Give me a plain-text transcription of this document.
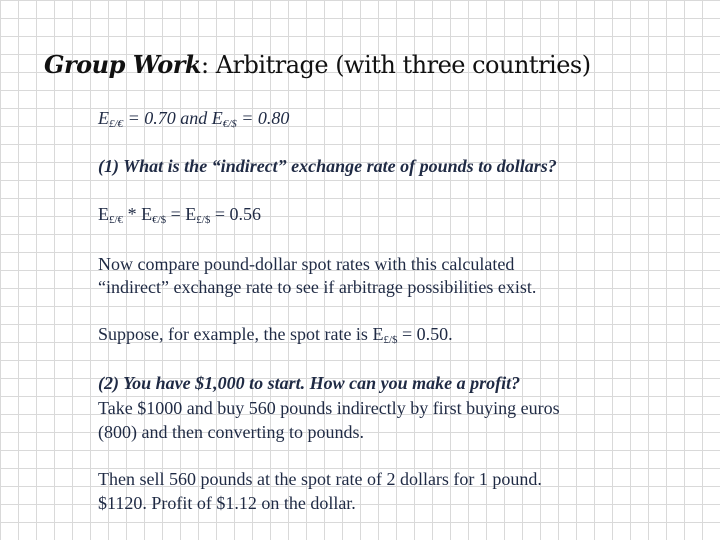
Group Work: Arbitrage (with three countries)

$E_{£/€} = 0.70$ and $E_{€/\$} = 0.80$

(1) What is the “indirect” exchange rate of pounds to dollars?

$E_{£/€} * E_{€/\$} = E_{£/\$} = 0.56$

Now compare pound-dollar spot rates with this calculated

“indirect” exchange rate to see if arbitrage possibilities exist.

Suppose, for example, the spot rate is $E_{£/\$} = 0.50$.

(2) You have $1,000 to start. How can you make a profit?

Take $1000 and buy 560 pounds indirectly by first buying euros

(800) and then converting to pounds.

Then sell 560 pounds at the spot rate of 2 dollars for 1 pound.

$1120. Profit of $1.12 on the dollar.
